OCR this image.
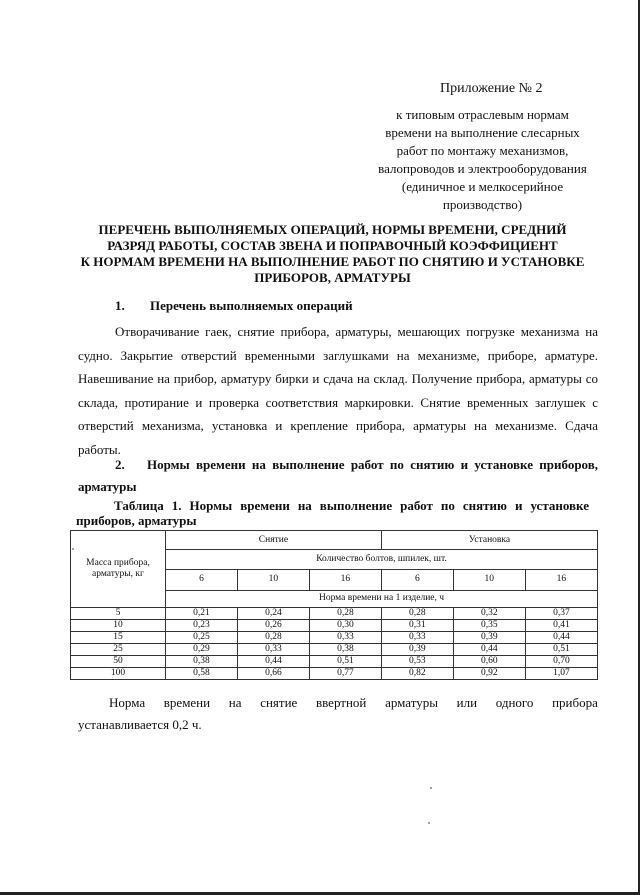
Приложение № 2
к типовым отраслевым нормам
времени на выполнение слесарных
работ по монтажу механизмов,
валопроводов и электрооборудования
(единичное и мелкосерийное
производство)
ПЕРЕЧЕНЬ ВЫПОЛНЯЕМЫХ ОПЕРАЦИЙ, НОРМЫ ВРЕМЕНИ, СРЕДНИЙ
РАЗРЯД РАБОТЫ, СОСТАВ ЗВЕНА И ПОПРАВОЧНЫЙ КОЭФФИЦИЕНТ
К НОРМАМ ВРЕМЕНИ НА ВЫПОЛНЕНИЕ РАБОТ ПО СНЯТИЮ И УСТАНОВКЕ
ПРИБОРОВ, АРМАТУРЫ
1. Перечень выполняемых операций
Отворачивание гаек, снятие прибора, арматуры, мешающих погрузке механизма на судно. Закрытие отверстий временными заглушками на механизме, приборе, арматуре. Навешивание на прибор, арматуру бирки и сдача на склад. Получение прибора, арматуры со склада, протирание и проверка соответствия маркировки. Снятие временных заглушек с отверстий механизма, установка и крепление прибора, арматуры на механизме. Сдача работы.
2. Нормы времени на выполнение работ по снятию и установке приборов, арматуры
Таблица 1. Нормы времени на выполнение работ по снятию и установке приборов, арматуры
Масса прибора, арматуры, кг	Снятие			Установка		
	Количество болтов, шпилек, шт.					
	6	10	16	6	10	16
	Норма времени на 1 изделие, ч					
5	0,21	0,24	0,28	0,28	0,32	0,37
10	0,23	0,26	0,30	0,31	0,35	0,41
15	0,25	0,28	0,33	0,33	0,39	0,44
25	0,29	0,33	0,38	0,39	0,44	0,51
50	0,38	0,44	0,51	0,53	0,60	0,70
100	0,58	0,66	0,77	0,82	0,92	1,07
Норма времени на снятие ввертной арматуры или одного прибора
устанавливается 0,2 ч.
